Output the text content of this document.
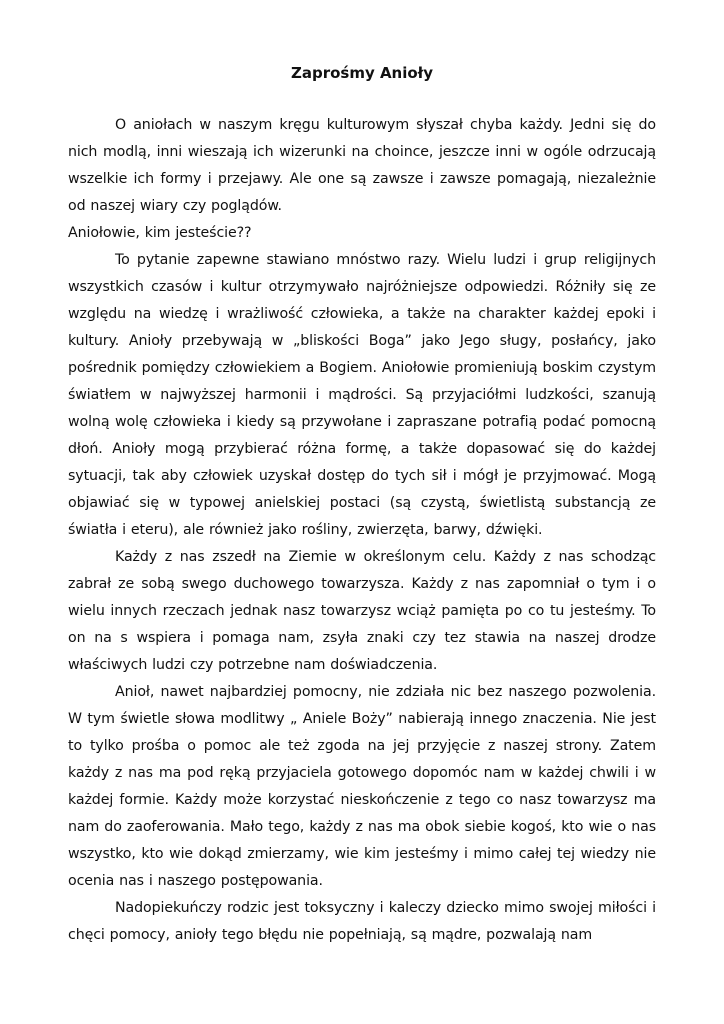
Zaprośmy Anioły

O aniołach w naszym kręgu kulturowym słyszał chyba każdy. Jedni się do nich modlą, inni wieszają ich wizerunki na choince, jeszcze inni w ogóle odrzucają wszelkie ich formy i przejawy. Ale one są zawsze i zawsze pomagają, niezależnie od naszej wiary czy poglądów.

Aniołowie, kim jesteście??

To pytanie zapewne stawiano mnóstwo razy. Wielu ludzi i grup religijnych wszystkich czasów i kultur otrzymywało najróżniejsze odpowiedzi. Różniły się ze względu na wiedzę i wrażliwość człowieka, a także na charakter każdej epoki i kultury. Anioły przebywają w „bliskości Boga” jako Jego sługy, posłańcy, jako pośrednik pomiędzy człowiekiem a Bogiem. Aniołowie promieniują boskim czystym światłem w najwyższej harmonii i mądrości. Są przyjaciółmi ludzkości, szanują wolną wolę człowieka i kiedy są przywołane i zapraszane potrafią podać pomocną dłoń. Anioły mogą przybierać różna formę, a także dopasować się do każdej sytuacji, tak aby człowiek uzyskał dostęp do tych sił i mógł je przyjmować. Mogą objawiać się w typowej anielskiej postaci (są czystą, świetlistą substancją ze światła i eteru), ale również jako rośliny, zwierzęta, barwy, dźwięki.

Każdy z nas zszedł na Ziemie w określonym celu. Każdy z nas schodząc zabrał ze sobą swego duchowego towarzysza. Każdy z nas zapomniał o tym i o wielu innych rzeczach jednak nasz towarzysz wciąż pamięta po co tu jesteśmy. To on na s wspiera i pomaga nam, zsyła znaki czy tez stawia na naszej drodze właściwych ludzi czy potrzebne nam doświadczenia.

Anioł, nawet najbardziej pomocny, nie zdziała nic bez naszego pozwolenia. W tym świetle słowa modlitwy „ Aniele Boży” nabierają innego znaczenia. Nie jest to tylko prośba o pomoc ale też zgoda na jej przyjęcie z naszej strony. Zatem każdy z nas ma pod ręką przyjaciela gotowego dopomóc nam w każdej chwili i w każdej formie. Każdy może korzystać nieskończenie z tego co nasz towarzysz ma nam do zaoferowania. Mało tego, każdy z nas ma obok siebie kogoś, kto wie o nas wszystko, kto wie dokąd zmierzamy, wie kim jesteśmy i mimo całej tej wiedzy nie ocenia nas i naszego postępowania.

Nadopiekuńczy rodzic jest toksyczny i kaleczy dziecko mimo swojej miłości i chęci pomocy, anioły tego błędu nie popełniają, są mądre, pozwalają nam
